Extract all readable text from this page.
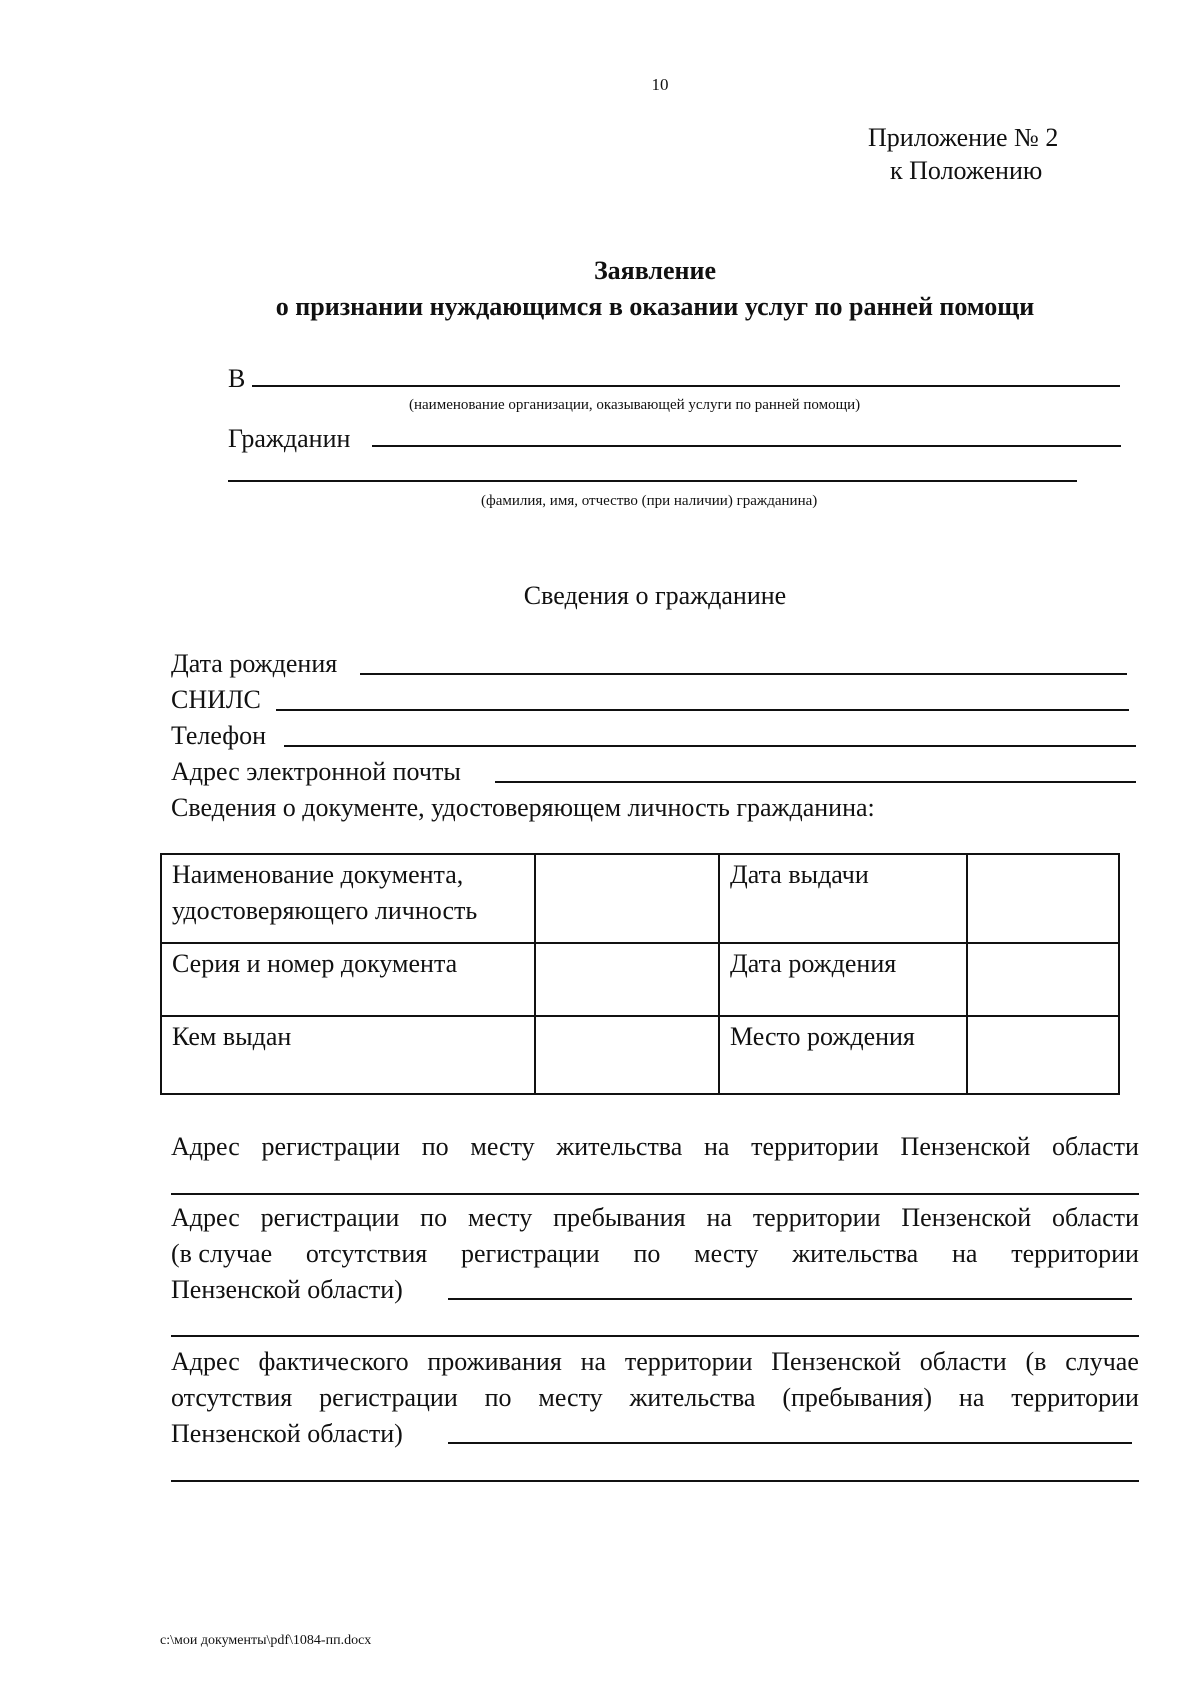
10
Приложение № 2
к Положению
Заявление
о признании нуждающимся в оказании услуг по ранней помощи
В
(наименование организации, оказывающей услуги по ранней помощи)
Гражданин
(фамилия, имя, отчество (при наличии) гражданина)
Сведения о гражданине
Дата рождения
СНИЛС
Телефон
Адрес электронной почты
Сведения о документе, удостоверяющем личность гражданина:
Наименование документа,
удостоверяющего личность		Дата выдачи	
Серия и номер документа		Дата рождения	
Кем выдан		Место рождения	
Адрес регистрации по месту жительства на территории Пензенской области
Адрес регистрации по месту пребывания на территории Пензенской области
(в случае отсутствия регистрации по месту жительства на территории
Пензенской области)
Адрес фактического проживания на территории Пензенской области (в случае
отсутствия регистрации по месту жительства (пребывания) на территории
Пензенской области)
c:\мои документы\pdf\1084-пп.docx
